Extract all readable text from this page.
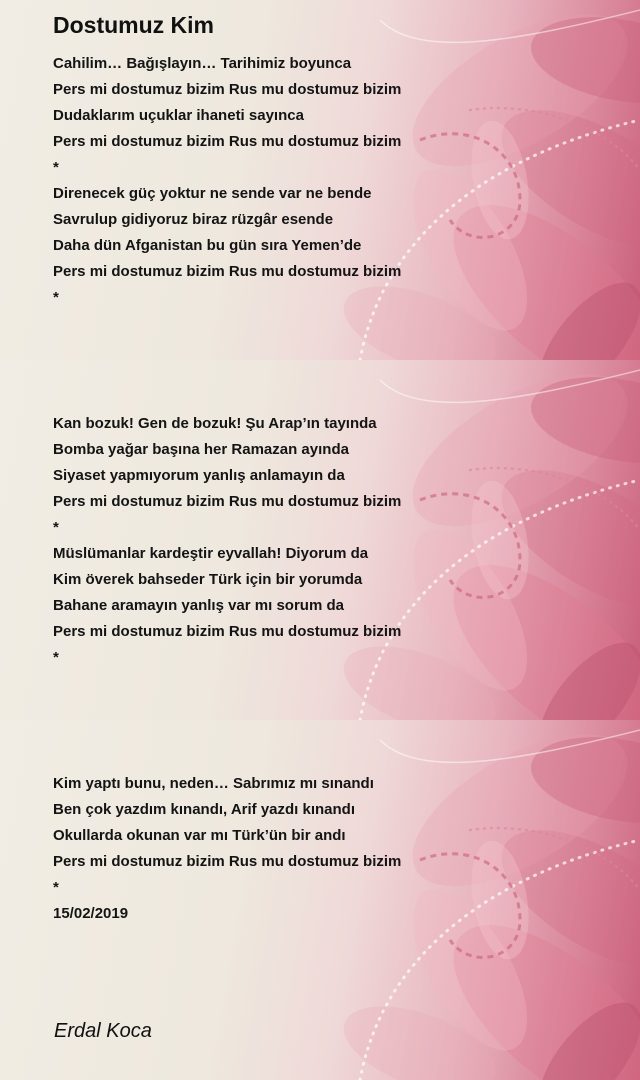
Dostumuz Kim
Cahilim… Bağışlayın… Tarihimiz boyunca
Pers mi dostumuz bizim Rus mu dostumuz bizim
Dudaklarım uçuklar ihaneti sayınca
Pers mi dostumuz bizim Rus mu dostumuz bizim
*
Direnecek güç yoktur ne sende var ne bende
Savrulup gidiyoruz biraz rüzgâr esende
Daha dün Afganistan bu gün sıra Yemen’de
Pers mi dostumuz bizim Rus mu dostumuz bizim
*
Kan bozuk! Gen de bozuk! Şu Arap’ın tayında
Bomba yağar başına her Ramazan ayında
Siyaset yapmıyorum yanlış anlamayın da
Pers mi dostumuz bizim Rus mu dostumuz bizim
*
Müslümanlar kardeştir eyvallah! Diyorum da
Kim överek bahseder Türk için bir yorumda
Bahane aramayın yanlış var mı sorum da
Pers mi dostumuz bizim Rus mu dostumuz bizim
*
Kim yaptı bunu, neden… Sabrımız mı sınandı
Ben çok yazdım kınandı, Arif yazdı kınandı
Okullarda okunan var mı Türk’ün bir andı
Pers mi dostumuz bizim Rus mu dostumuz bizim
*
15/02/2019
Erdal Koca
